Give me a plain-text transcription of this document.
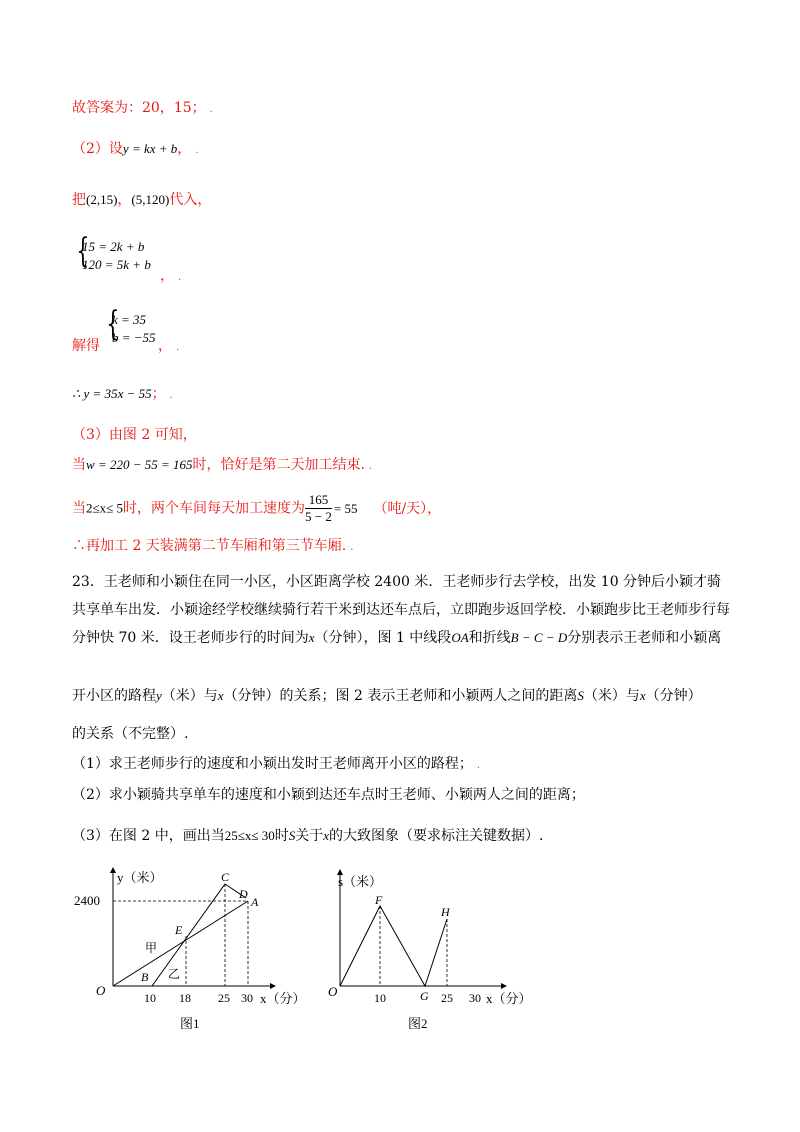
故答案为：20，15； .
（2）设y = kx + b， .
把(2,15)，(5,120)代入，
{
15 = 2k + b
120 = 5k + b
， .
{
k = 35
b = −55
解得	， .
∴ y = 35x − 55； .
（3）由图 2 可知，
当w = 220 − 55 = 165时，恰好是第二天加工结束. .
当2≤x≤ 5时，两个车间每天加工速度为 $\frac{165}{5 - 2} = 55$ （吨/天），
∴再加工 2 天装满第二节车厢和第三节车厢. .
23．王老师和小颖住在同一小区，小区距离学校 2400 米．王老师步行去学校，出发 10 分钟后小颖才骑共享单车出发．小颖途经学校继续骑行若干米到达还车点后，立即跑步返回学校．小颖跑步比王老师步行每分钟快 70 米．设王老师步行的时间为x（分钟），图 1 中线段OA和折线B − C − D分别表示王老师和小颖离
开小区的路程y（米）与x（分钟）的关系；图 2 表示王老师和小颖两人之间的距离S（米）与x（分钟）
的关系（不完整）.
（1）求王老师步行的速度和小颖出发时王老师离开小区的路程； .
（2）求小颖骑共享单车的速度和小颖到达还车点时王老师、小颖两人之间的距离；
（3）在图 2 中，画出当25≤x≤ 30时S关于x的大致图象（要求标注关键数据）.
y（米）
2400
O	10 18 25 30 x（分）
A
B
C
D
E
甲
乙
图1
s（米）
O	10	25 30 x（分）
F
G
H
图2
